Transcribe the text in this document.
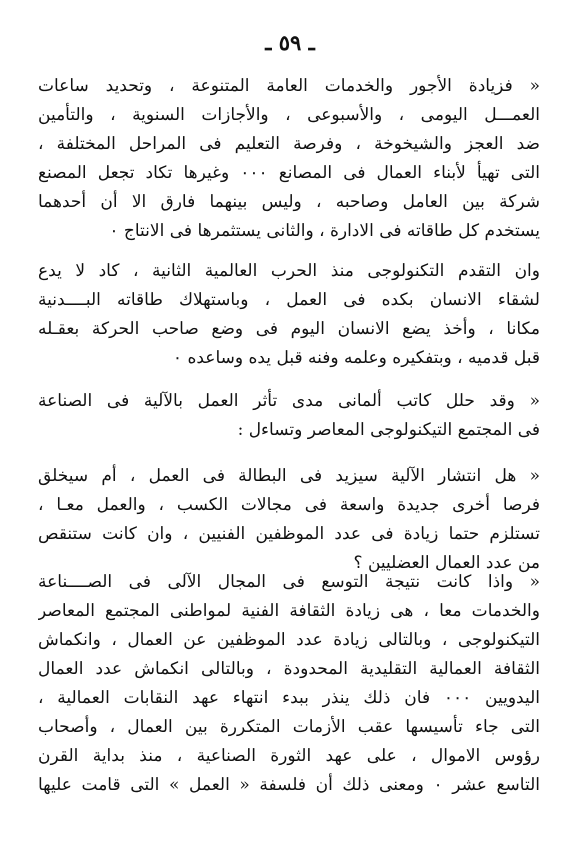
ـ ٥٩ ـ
« فزيادة الأجور والخدمات العامة المتنوعة ، وتحديد ساعات
العمـــل اليومى ، والأسبوعى ، والأجازات السنوية ، والتأمين
ضد العجز والشيخوخة ، وفرصة التعليم فى المراحل المختلفة ،
التى تهيأ لأبناء العمال فى المصانع ٠٠٠ وغيرها تكاد تجعل المصنع
شركة بين العامل وصاحبه ، وليس بينهما فارق الا أن أحدهما
يستخدم كل طاقاته فى الادارة ، والثانى يستثمرها فى الانتاج ٠
وان التقدم التكنولوجى منذ الحرب العالمية الثانية ، كاد لا يدع
لشقاء الانسان بكده فى العمل ، وباستهلاك طاقاته البــــدنية
مكانا ، وأخذ يضع الانسان اليوم فى وضع صاحب الحركة بعقـله
قبل قدميه ، وبتفكيره وعلمه وفنه قبل يده وساعده ٠
« وقد حلل كاتب ألمانى مدى تأثر العمل بالآلية فى الصناعة
فى المجتمع التيكنولوجى المعاصر وتساءل :
« هل انتشار الآلية سيزيد فى البطالة فى العمل ، أم سيخلق
فرصا أخرى جديدة واسعة فى مجالات الكسب ، والعمل معـا ،
تستلزم حتما زيادة فى عدد الموظفين الفنيين ، وان كانت ستنقص
من عدد العمال العضليين ؟
« واذا كانت نتيجة التوسع فى المجال الآلى فى الصــــناعة
والخدمات معا ، هى زيادة الثقافة الفنية لمواطنى المجتمع المعاصر
التيكنولوجى ، وبالتالى زيادة عدد الموظفين عن العمال ، وانكماش
الثقافة العمالية التقليدية المحدودة ، وبالتالى انكماش عدد العمال
اليدويين ٠٠٠ فان ذلك ينذر ببدء انتهاء عهد النقابات العمالية ،
التى جاء تأسيسها عقب الأزمات المتكررة بين العمال ، وأصحاب
رؤوس الاموال ، على عهد الثورة الصناعية ، منذ بداية القرن
التاسع عشر ٠ ومعنى ذلك أن فلسفة « العمل » التى قامت عليها
